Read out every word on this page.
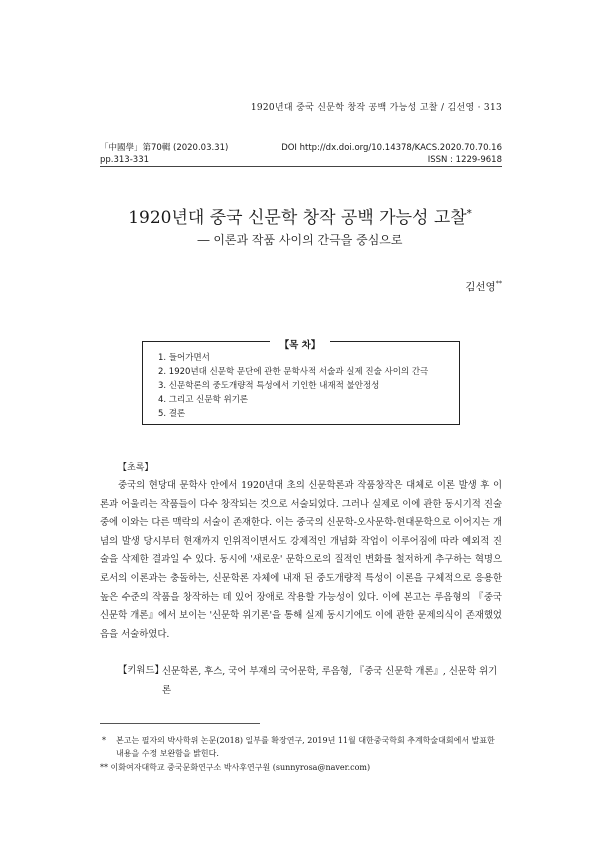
1920년대 중국 신문학 창작 공백 가능성 고찰 / 김선영 · 313
「中國學」第70輯 (2020.03.31)
pp.313-331
DOI http://dx.doi.org/10.14378/KACS.2020.70.70.16
ISSN : 1229-9618
1920년대 중국 신문학 창작 공백 가능성 고찰*
― 이론과 작품 사이의 간극을 중심으로
김선영**
【목 차】
1. 들어가면서
2. 1920년대 신문학 문단에 관한 문학사적 서술과 실제 진술 사이의 간극
3. 신문학론의 중도개량적 특성에서 기인한 내재적 불안정성
4. 그리고 신문학 위기론
5. 결론
【초록】

중국의 현당대 문학사 안에서 1920년대 초의 신문학론과 작품창작은 대체로 이론 발생 후 이론과 어울리는 작품들이 다수 창작되는 것으로 서술되었다. 그러나 실제로 이에 관한 동시기적 진술 중에 이와는 다른 맥락의 서술이 존재한다. 이는 중국의 신문학-오사문학-현대문학으로 이어지는 개념의 발생 당시부터 현재까지 인위적이면서도 강제적인 개념화 작업이 이루어짐에 따라 예외적 진술을 삭제한 결과일 수 있다. 동시에 '새로운' 문학으로의 질적인 변화를 철저하게 추구하는 혁명으로서의 이론과는 충돌하는, 신문학론 자체에 내재 된 중도개량적 특성이 이론을 구체적으로 응용한 높은 수준의 작품을 창작하는 데 있어 장애로 작용할 가능성이 있다. 이에 본고는 루음형의 『중국 신문학 개론』에서 보이는 '신문학 위기론'을 통해 실제 동시기에도 이에 관한 문제의식이 존재했었음을 서술하였다.

【키워드】

신문학론, 후스, 국어 부재의 국어문학, 루음형, 『중국 신문학 개론』, 신문학 위기론

*	본고는 필자의 박사학위 논문(2018) 일부를 확장연구, 2019년 11월 대한중국학회 추계학술대회에서 발표한 내용을 수정 보완함을 밝힌다.
** 이화여자대학교 중국문화연구소 박사후연구원 (sunnyrosa@naver.com)
